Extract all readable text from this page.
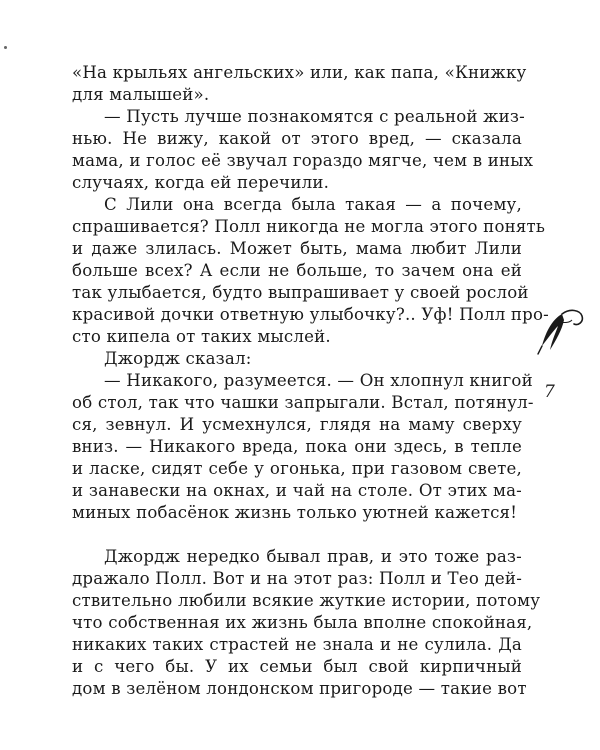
«На крыльях ангельских» или, как папа, «Книжку
для малышей».
— Пусть лучше познакомятся с реальной жиз-
нью. Не вижу, какой от этого вред, — сказала
мама, и голос её звучал гораздо мягче, чем в иных
случаях, когда ей перечили.
С Лили она всегда была такая — а почему,
спрашивается? Полл никогда не могла этого понять
и даже злилась. Может быть, мама любит Лили
больше всех? А если не больше, то зачем она ей
так улыбается, будто выпрашивает у своей рослой
красивой дочки ответную улыбочку?.. Уф! Полл про-
сто кипела от таких мыслей.
Джордж сказал:
— Никакого, разумеется. — Он хлопнул книгой
об стол, так что чашки запрыгали. Встал, потянул-
ся, зевнул. И усмехнулся, глядя на маму сверху
вниз. — Никакого вреда, пока они здесь, в тепле
и ласке, сидят себе у огонька, при газовом свете,
и занавески на окнах, и чай на столе. От этих ма-
миных побасёнок жизнь только уютней кажется!
Джордж нередко бывал прав, и это тоже раз-
дражало Полл. Вот и на этот раз: Полл и Тео дей-
ствительно любили всякие жуткие истории, потому
что собственная их жизнь была вполне спокойная,
никаких таких страстей не знала и не сулила. Да
и с чего бы. У их семьи был свой кирпичный
дом в зелёном лондонском пригороде — такие вот
7
